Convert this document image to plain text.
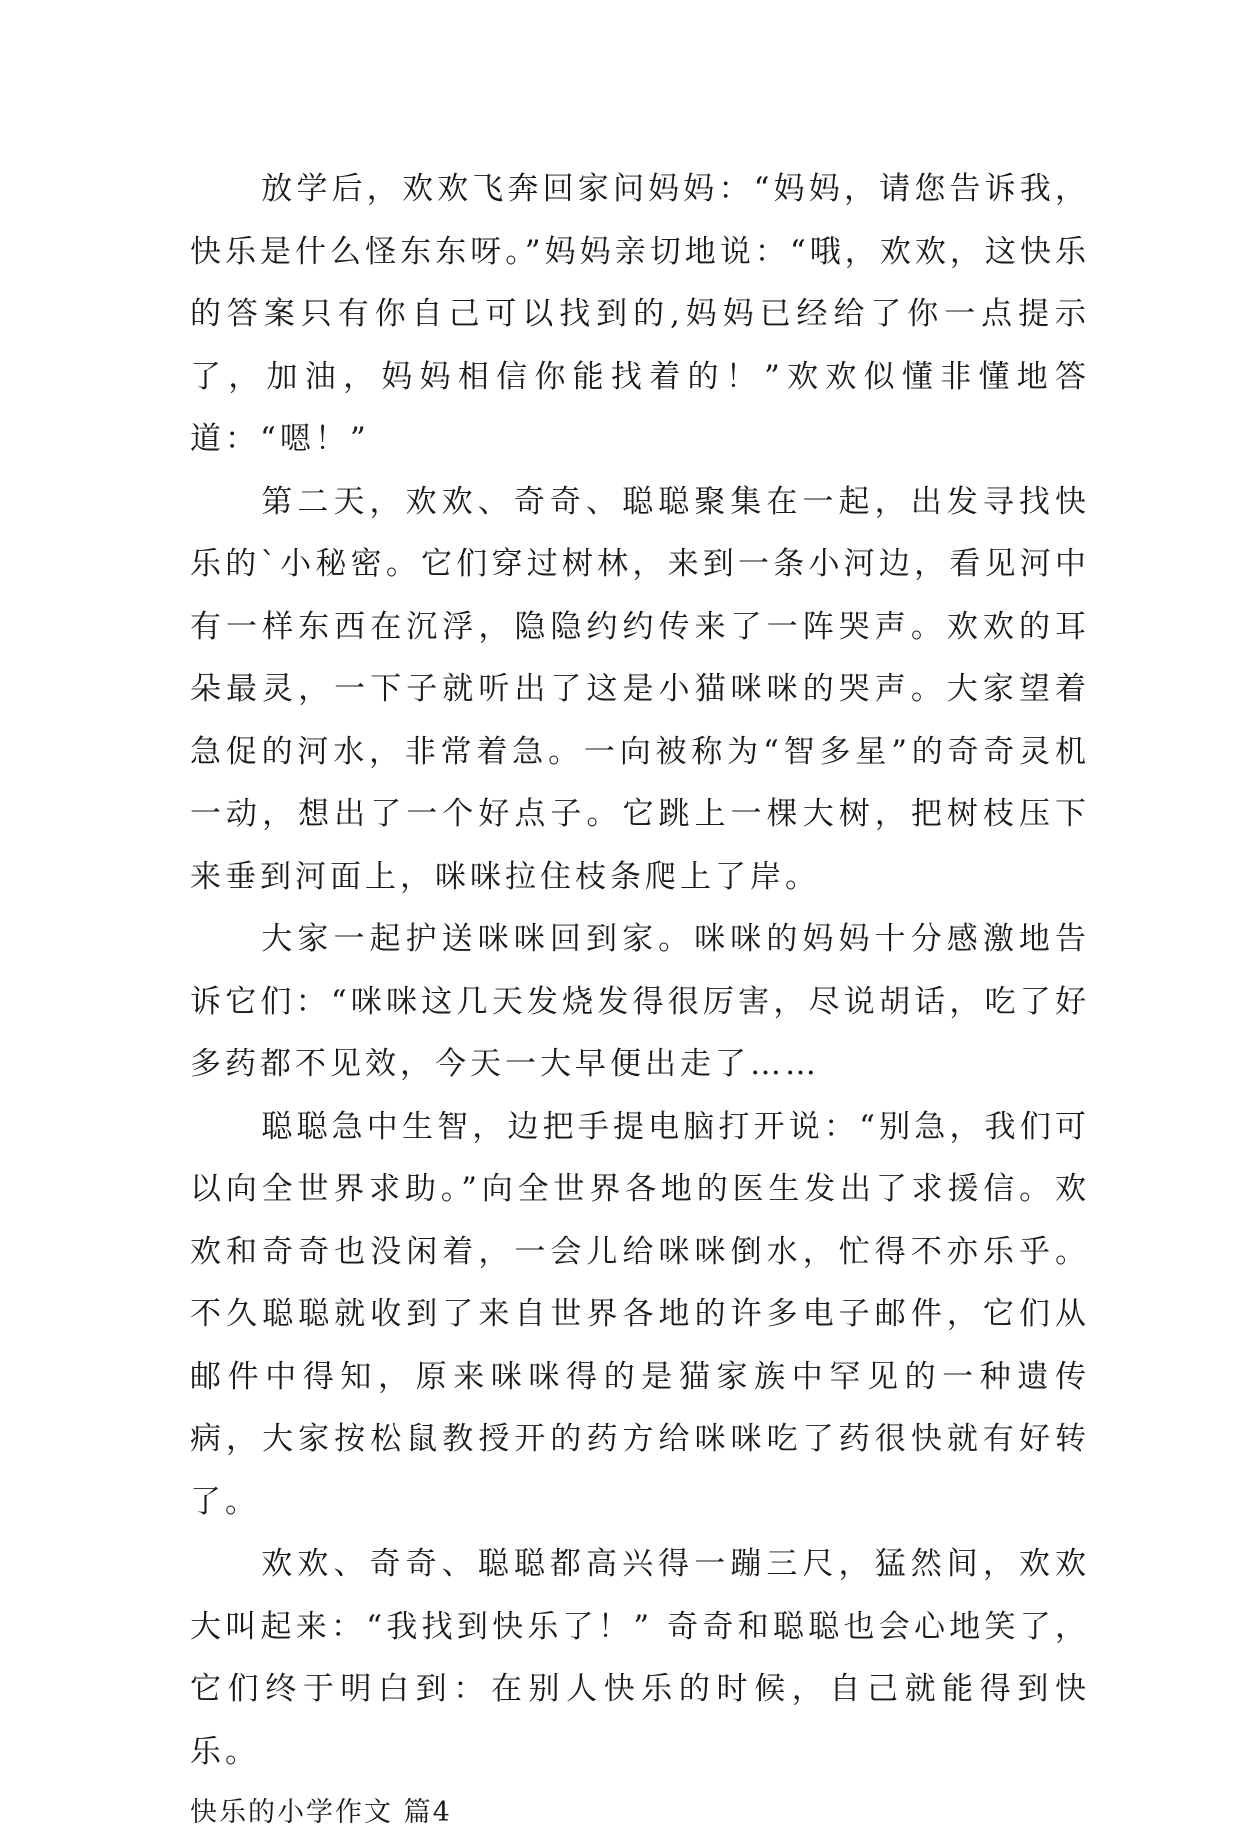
放学后，欢欢飞奔回家问妈妈：“妈妈，请您告诉我，快乐是什么怪东东呀。”妈妈亲切地说：“哦，欢欢，这快乐的答案只有你自己可以找到的,妈妈已经给了你一点提示了，加油，妈妈相信你能找着的！”欢欢似懂非懂地答道：“嗯！”

第二天，欢欢、奇奇、聪聪聚集在一起，出发寻找快乐的`小秘密。它们穿过树林，来到一条小河边，看见河中有一样东西在沉浮，隐隐约约传来了一阵哭声。欢欢的耳朵最灵，一下子就听出了这是小猫咪咪的哭声。大家望着急促的河水，非常着急。一向被称为“智多星”的奇奇灵机一动，想出了一个好点子。它跳上一棵大树，把树枝压下来垂到河面上，咪咪拉住枝条爬上了岸。

大家一起护送咪咪回到家。咪咪的妈妈十分感激地告诉它们：“咪咪这几天发烧发得很厉害，尽说胡话，吃了好多药都不见效，今天一大早便出走了……

聪聪急中生智，边把手提电脑打开说：“别急，我们可以向全世界求助。”向全世界各地的医生发出了求援信。欢欢和奇奇也没闲着，一会儿给咪咪倒水，忙得不亦乐乎。不久聪聪就收到了来自世界各地的许多电子邮件，它们从邮件中得知，原来咪咪得的是猫家族中罕见的一种遗传病，大家按松鼠教授开的药方给咪咪吃了药很快就有好转了。

欢欢、奇奇、聪聪都高兴得一蹦三尺，猛然间，欢欢大叫起来：“我找到快乐了！” 奇奇和聪聪也会心地笑了，它们终于明白到：在别人快乐的时候，自己就能得到快乐。

快乐的小学作文 篇4
